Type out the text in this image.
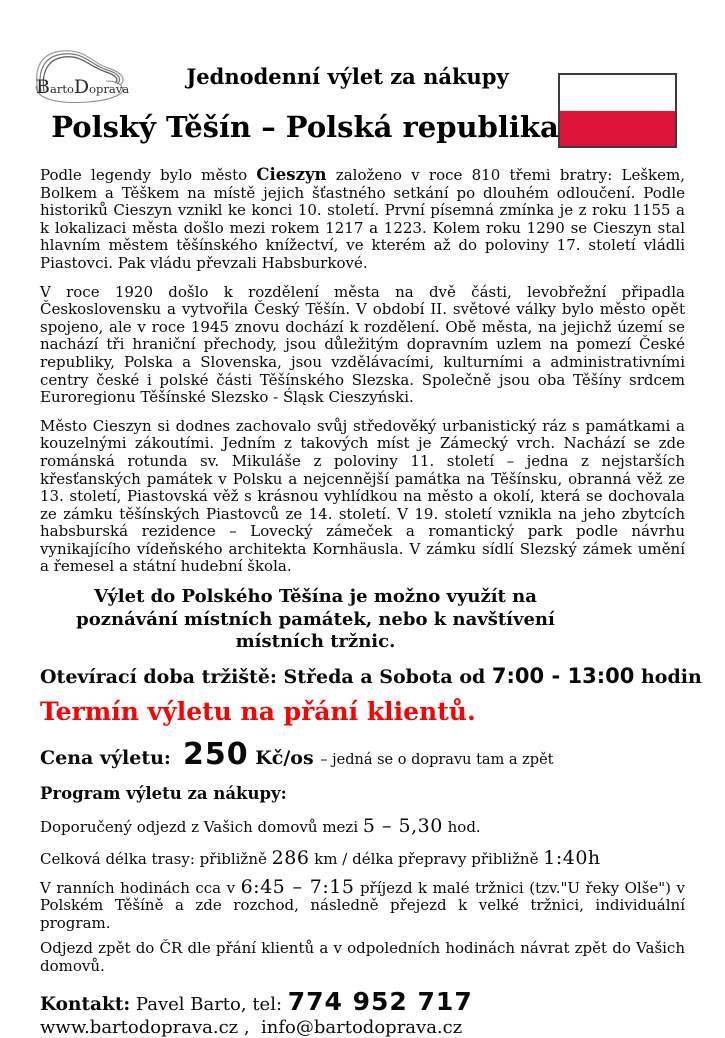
BartoDoprava	Jednodenní výlet za nákupy
Polský Těšín – Polská republika

Podle legendy bylo město Cieszyn založeno v roce 810 třemi bratry: Leškem, Bolkem a Těškem na místě jejich šťastného setkání po dlouhém odloučení. Podle historiků Cieszyn vznikl ke konci 10. století. První písemná zmínka je z roku 1155 a k lokalizaci města došlo mezi rokem 1217 a 1223. Kolem roku 1290 se Cieszyn stal hlavním městem těšínského knížectví, ve kterém až do poloviny 17. století vládli Piastovci. Pak vládu převzali Habsburkové.

V roce 1920 došlo k rozdělení města na dvě části, levobřežní připadla Československu a vytvořila Český Těšín. V období II. světové války bylo město opět spojeno, ale v roce 1945 znovu dochází k rozdělení. Obě města, na jejichž území se nachází tři hraniční přechody, jsou důležitým dopravním uzlem na pomezí České republiky, Polska a Slovenska, jsou vzdělávacími, kulturními a administrativními centry české i polské části Těšínského Slezska. Společně jsou oba Těšíny srdcem Euroregionu Těšínské Slezsko - Śląsk Cieszyński.

Město Cieszyn si dodnes zachovalo svůj středověký urbanistický ráz s památkami a kouzelnými zákoutími. Jedním z takových míst je Zámecký vrch. Nachází se zde románská rotunda sv. Mikuláše z poloviny 11. století – jedna z nejstarších křesťanských památek v Polsku a nejcennější památka na Těšínsku, obranná věž ze 13. století, Piastovská věž s krásnou vyhlídkou na město a okolí, která se dochovala ze zámku těšínských Piastovců ze 14. století. V 19. století vznikla na jeho zbytcích habsburská rezidence – Lovecký zámeček a romantický park podle návrhu vynikajícího vídeňského architekta Kornhäusla. V zámku sídlí Slezský zámek umění a řemesel a státní hudební škola.

Výlet do Polského Těšína je možno využít na poznávání místních památek, nebo k navštívení místních tržnic.
Otevírací doba tržiště: Středa a Sobota od 7:00 - 13:00 hodin
Termín výletu na přání klientů.
Cena výletu: 250 Kč/os – jedná se o dopravu tam a zpět
Program výletu za nákupy:

Doporučený odjezd z Vašich domovů mezi 5 – 5,30 hod.

Celková délka trasy: přibližně 286 km / délka přepravy přibližně 1:40h

V ranních hodinách cca v 6:45 – 7:15 příjezd k malé tržnici (tzv."U řeky Olše") v Polském Těšíně a zde rozchod, následně přejezd k velké tržnici, individuální program.

Odjezd zpět do ČR dle přání klientů a v odpoledních hodinách návrat zpět do Vašich domovů.

Kontakt: Pavel Barto, tel: 774 952 717
www.bartodoprava.cz ,  info@bartodoprava.cz
